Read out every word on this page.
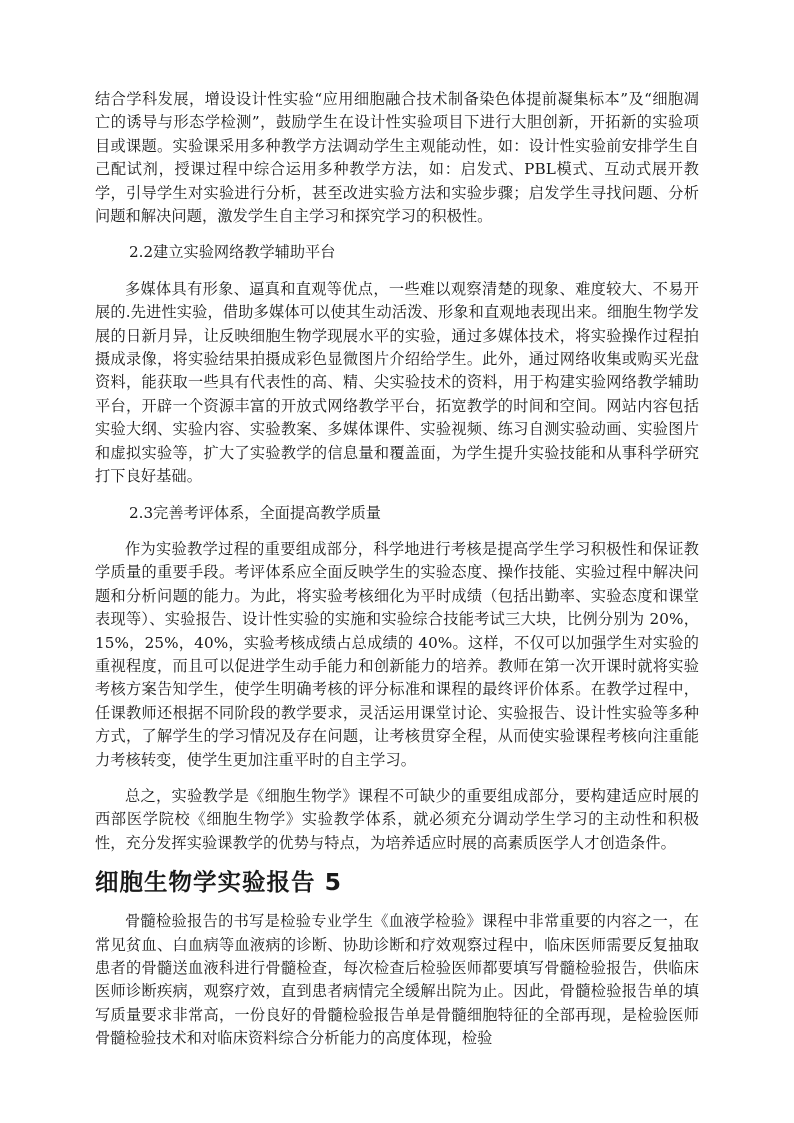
结合学科发展，增设设计性实验“应用细胞融合技术制备染色体提前凝集标本”及“细胞凋亡的诱导与形态学检测”，鼓励学生在设计性实验项目下进行大胆创新，开拓新的实验项目或课题。实验课采用多种教学方法调动学生主观能动性，如：设计性实验前安排学生自己配试剂，授课过程中综合运用多种教学方法，如：启发式、PBL模式、互动式展开教学，引导学生对实验进行分析，甚至改进实验方法和实验步骤；启发学生寻找问题、分析问题和解决问题，激发学生自主学习和探究学习的积极性。

2.2建立实验网络教学辅助平台

多媒体具有形象、逼真和直观等优点，一些难以观察清楚的现象、难度较大、不易开展的.先进性实验，借助多媒体可以使其生动活泼、形象和直观地表现出来。细胞生物学发展的日新月异，让反映细胞生物学现展水平的实验，通过多媒体技术，将实验操作过程拍摄成录像，将实验结果拍摄成彩色显微图片介绍给学生。此外，通过网络收集或购买光盘资料，能获取一些具有代表性的高、精、尖实验技术的资料，用于构建实验网络教学辅助平台，开辟一个资源丰富的开放式网络教学平台，拓宽教学的时间和空间。网站内容包括实验大纲、实验内容、实验教案、多媒体课件、实验视频、练习自测实验动画、实验图片和虚拟实验等，扩大了实验教学的信息量和覆盖面，为学生提升实验技能和从事科学研究打下良好基础。

2.3完善考评体系，全面提高教学质量

作为实验教学过程的重要组成部分，科学地进行考核是提高学生学习积极性和保证教学质量的重要手段。考评体系应全面反映学生的实验态度、操作技能、实验过程中解决问题和分析问题的能力。为此，将实验考核细化为平时成绩（包括出勤率、实验态度和课堂表现等）、实验报告、设计性实验的实施和实验综合技能考试三大块，比例分别为 20%，15%，25%，40%，实验考核成绩占总成绩的 40%。这样，不仅可以加强学生对实验的重视程度，而且可以促进学生动手能力和创新能力的培养。教师在第一次开课时就将实验考核方案告知学生，使学生明确考核的评分标准和课程的最终评价体系。在教学过程中，任课教师还根据不同阶段的教学要求，灵活运用课堂讨论、实验报告、设计性实验等多种方式，了解学生的学习情况及存在问题，让考核贯穿全程，从而使实验课程考核向注重能力考核转变，使学生更加注重平时的自主学习。

总之，实验教学是《细胞生物学》课程不可缺少的重要组成部分，要构建适应时展的西部医学院校《细胞生物学》实验教学体系，就必须充分调动学生学习的主动性和积极性，充分发挥实验课教学的优势与特点，为培养适应时展的高素质医学人才创造条件。

细胞生物学实验报告 5

骨髓检验报告的书写是检验专业学生《血液学检验》课程中非常重要的内容之一，在常见贫血、白血病等血液病的诊断、协助诊断和疗效观察过程中，临床医师需要反复抽取患者的骨髓送血液科进行骨髓检查，每次检查后检验医师都要填写骨髓检验报告，供临床医师诊断疾病，观察疗效，直到患者病情完全缓解出院为止。因此，骨髓检验报告单的填写质量要求非常高，一份良好的骨髓检验报告单是骨髓细胞特征的全部再现，是检验医师骨髓检验技术和对临床资料综合分析能力的高度体现，检验
